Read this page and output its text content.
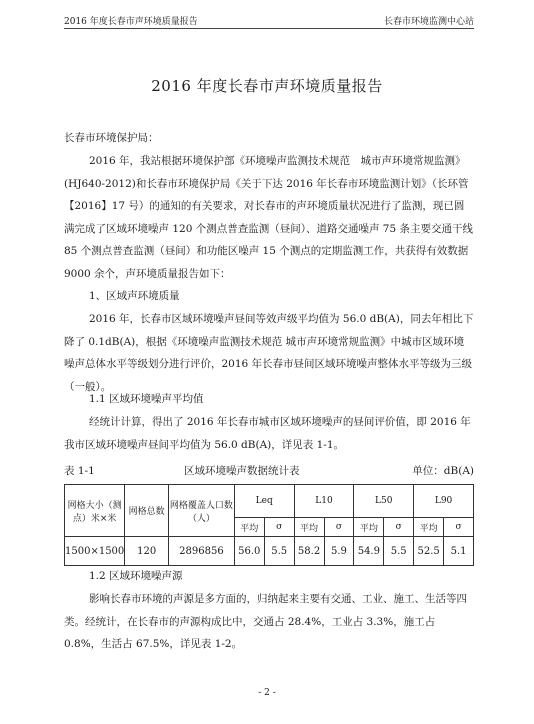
2016 年度长春市声环境质量报告	长春市环境监测中心站
2016 年度长春市声环境质量报告
长春市环境保护局：
2016 年，我站根据环境保护部《环境噪声监测技术规范　城市声环境常规监测》(HJ640-2012)和长春市环境保护局《关于下达 2016 年长春市环境监测计划》（长环管【2016】17 号）的通知的有关要求，对长春市的声环境质量状况进行了监测，现已圆满完成了区域环境噪声 120 个测点普查监测（昼间）、道路交通噪声 75 条主要交通干线 85 个测点普查监测（昼间）和功能区噪声 15 个测点的定期监测工作，共获得有效数据 9000 余个，声环境质量报告如下：
1、区域声环境质量
2016 年，长春市区域环境噪声昼间等效声级平均值为 56.0 dB(A)，同去年相比下降了 0.1dB(A)，根据《环境噪声监测技术规范 城市声环境常规监测》中城市区域环境噪声总体水平等级划分进行评价，2016 年长春市昼间区域环境噪声整体水平等级为三级（一般）。
1.1 区域环境噪声平均值
经统计计算，得出了 2016 年长春市城市区域环境噪声的昼间评价值，即 2016 年我市区域环境噪声昼间平均值为 56.0 dB(A)，详见表 1-1。
表 1-1	区域环境噪声数据统计表	单位：dB(A)
网格大小（测点）米×米	网格总数	网格覆盖人口数（人）	Leq		L10		L50		L90	
			平均	σ	平均	σ	平均	σ	平均	σ
1500×1500	120	2896856	56.0	5.5	58.2	5.9	54.9	5.5	52.5	5.1
1.2 区域环境噪声源
影响长春市环境的声源是多方面的，归纳起来主要有交通、工业、施工、生活等四类。经统计，在长春市的声源构成比中，交通占 28.4%，工业占 3.3%，施工占 0.8%，生活占 67.5%，详见表 1-2。
- 2 -
